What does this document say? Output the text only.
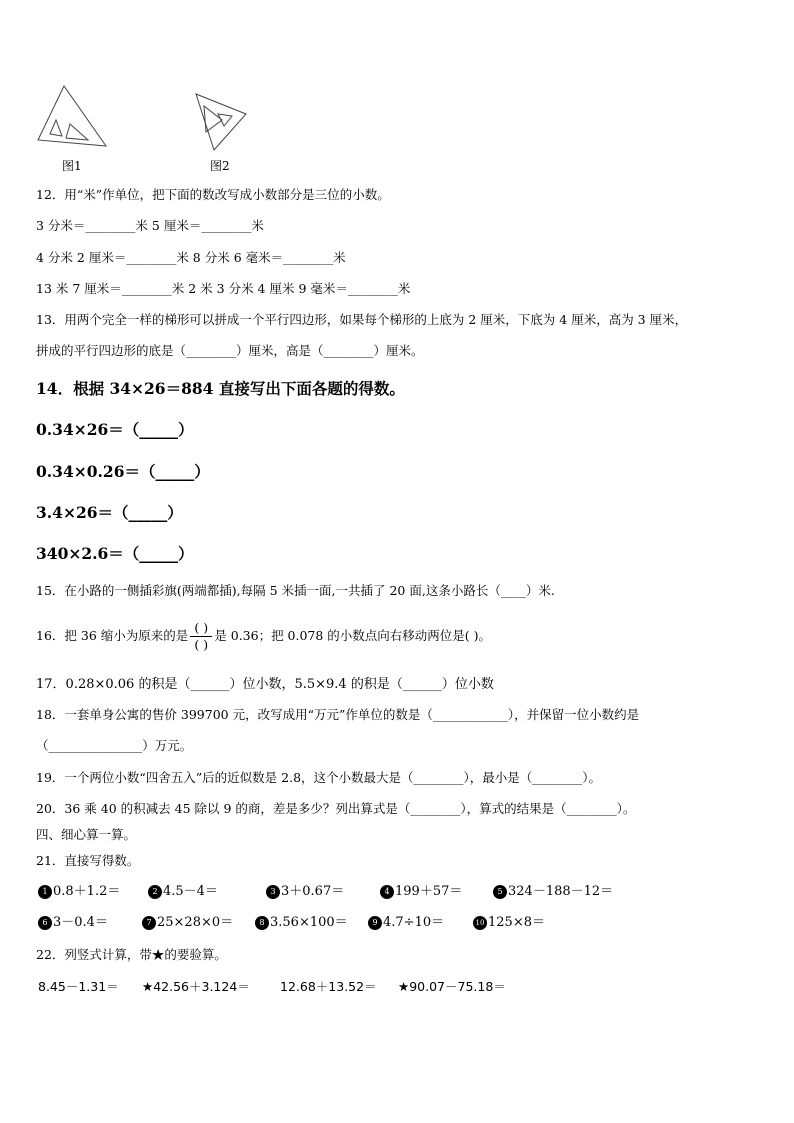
图1	图2
12．用“米”作单位，把下面的数改写成小数部分是三位的小数。
3 分米＝________米 5 厘米＝________米
4 分米 2 厘米＝________米 8 分米 6 毫米＝________米
13 米 7 厘米＝________米 2 米 3 分米 4 厘米 9 毫米＝________米
13．用两个完全一样的梯形可以拼成一个平行四边形，如果每个梯形的上底为 2 厘米，下底为 4 厘米，高为 3 厘米，
拼成的平行四边形的底是（________）厘米，高是（________）厘米。
14．根据 34×26＝884 直接写出下面各题的得数。
0.34×26＝（_____）
0.34×0.26＝（_____）
3.4×26＝（_____）
340×2.6＝（_____）
15．在小路的一侧插彩旗(两端都插),每隔 5 米插一面,一共插了 20 面,这条小路长（____）米.
16．把 36 缩小为原来的是
( )
( )
是 0.36；把 0.078 的小数点向右移动两位是( )。
17．0.28×0.06 的积是（______）位小数，5.5×9.4 的积是（______）位小数
18．一套单身公寓的售价 399700 元，改写成用“万元”作单位的数是（____________），并保留一位小数约是
（_______________）万元。
19．一个两位小数“四舍五入”后的近似数是 2.8，这个小数最大是（________），最小是（________）。
20．36 乘 40 的积减去 45 除以 9 的商，差是多少？列出算式是（________），算式的结果是（________）。
四、细心算一算。
21．直接写得数。
1 0.8＋1.2＝	2 4.5－4＝	3 3＋0.67＝	4 199＋57＝	5 324－188－12＝
6 3－0.4＝	7 25×28×0＝	8 3.56×100＝	9 4.7÷10＝	10 125×8＝
22．列竖式计算，带★的要验算。
8.45－1.31＝ ★42.56＋3.124＝ 12.68＋13.52＝ ★90.07－75.18＝
